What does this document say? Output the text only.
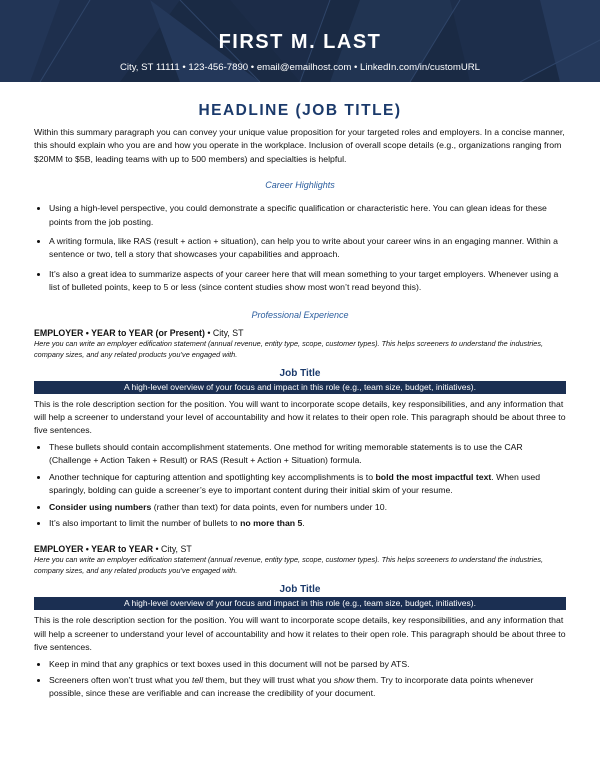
FIRST M. LAST
City, ST 11111 • 123-456-7890 • email@emailhost.com • LinkedIn.com/in/customURL
HEADLINE (JOB TITLE)

Within this summary paragraph you can convey your unique value proposition for your targeted roles and employers. In a concise manner, this should explain who you are and how you operate in the workplace. Inclusion of overall scope details (e.g., organizations ranging from $20MM to $5B, leading teams with up to 500 members) and specialties is helpful.

Career Highlights
• Using a high-level perspective, you could demonstrate a specific qualification or characteristic here. You can glean ideas for these points from the job posting.
• A writing formula, like RAS (result + action + situation), can help you to write about your career wins in an engaging manner. Within a sentence or two, tell a story that showcases your capabilities and approach.
• It’s also a great idea to summarize aspects of your career here that will mean something to your target employers. Whenever using a list of bulleted points, keep to 5 or less (since content studies show most won’t read beyond this).
Professional Experience
EMPLOYER • YEAR to YEAR (or Present) • City, ST
Here you can write an employer edification statement (annual revenue, entity type, scope, customer types). This helps screeners to understand the industries, company sizes, and any related products you’ve engaged with.
Job Title
A high-level overview of your focus and impact in this role (e.g., team size, budget, initiatives).

This is the role description section for the position. You will want to incorporate scope details, key responsibilities, and any information that will help a screener to understand your level of accountability and how it relates to their open role. This paragraph should be about three to five sentences.

• These bullets should contain accomplishment statements. One method for writing memorable statements is to use the CAR (Challenge + Action Taken + Result) or RAS (Result + Action + Situation) formula.
• Another technique for capturing attention and spotlighting key accomplishments is to bold the most impactful text. When used sparingly, bolding can guide a screener’s eye to important content during their initial skim of your resume.
• Consider using numbers (rather than text) for data points, even for numbers under 10.
• It’s also important to limit the number of bullets to no more than 5.
EMPLOYER • YEAR to YEAR • City, ST
Here you can write an employer edification statement (annual revenue, entity type, scope, customer types). This helps screeners to understand the industries, company sizes, and any related products you’ve engaged with.
Job Title
A high-level overview of your focus and impact in this role (e.g., team size, budget, initiatives).

This is the role description section for the position. You will want to incorporate scope details, key responsibilities, and any information that will help a screener to understand your level of accountability and how it relates to their open role. This paragraph should be about three to five sentences.

• Keep in mind that any graphics or text boxes used in this document will not be parsed by ATS.
• Screeners often won’t trust what you tell them, but they will trust what you show them. Try to incorporate data points whenever possible, since these are verifiable and can increase the credibility of your document.
